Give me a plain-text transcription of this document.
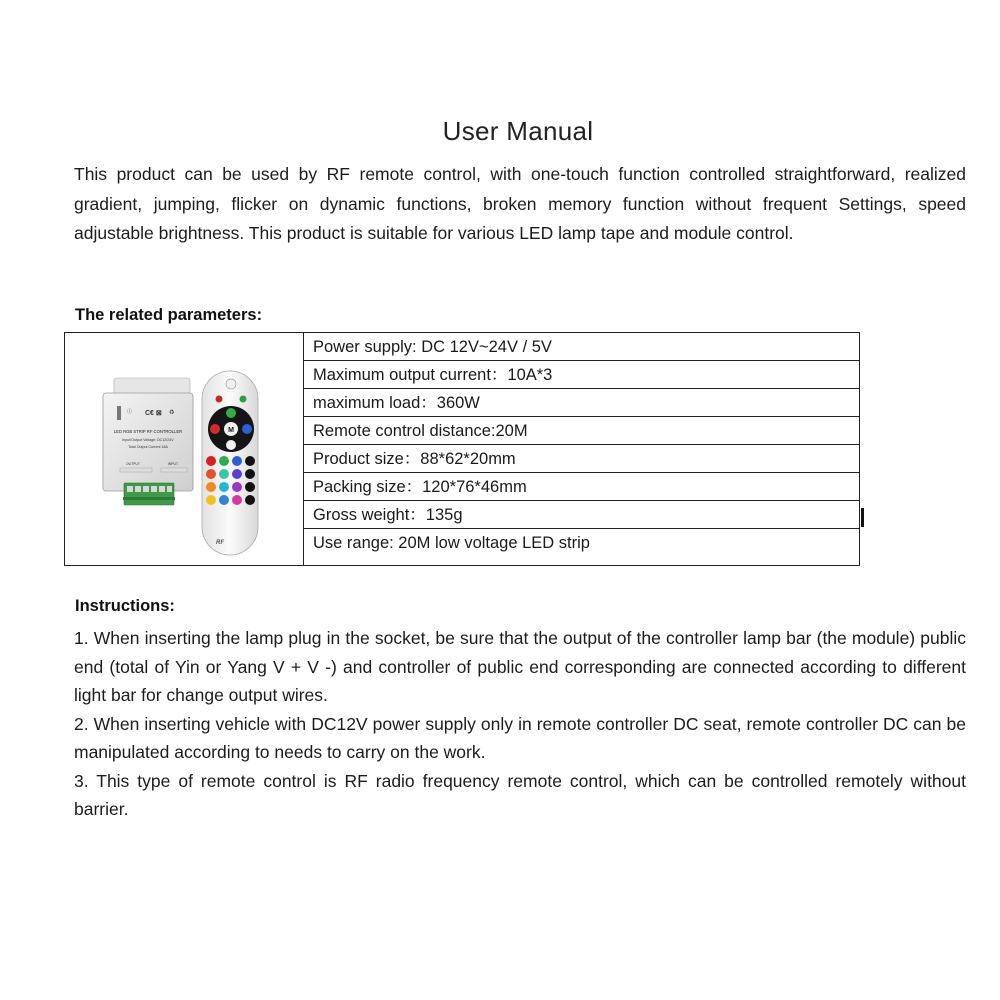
User Manual
This product can be used by RF remote control, with one-touch function controlled straightforward, realized gradient, jumping, flicker on dynamic functions, broken memory function without frequent Settings, speed adjustable brightness. This product is suitable for various LED lamp tape and module control.
The related parameters:
ⓘ C€ ⊠ ♻
LED RGB STRIP RF CONTROLLER
Input/Output Voltage: DC12/24V
Total Output Current 18A
OUTPUT	INPUT
M
RF
Power supply: DC 12V~24V / 5V
Maximum output current：10A*3
maximum load：360W
Remote control distance:20M
Product size：88*62*20mm
Packing size：120*76*46mm
Gross weight：135g
Use range: 20M low voltage LED strip
Instructions:

1. When inserting the lamp plug in the socket, be sure that the output of the controller lamp bar (the module) public end (total of Yin or Yang V + V -) and controller of public end corresponding are connected according to different light bar for change output wires.

2. When inserting vehicle with DC12V power supply only in remote controller DC seat, remote controller DC can be manipulated according to needs to carry on the work.

3. This type of remote control is RF radio frequency remote control, which can be controlled remotely without barrier.
